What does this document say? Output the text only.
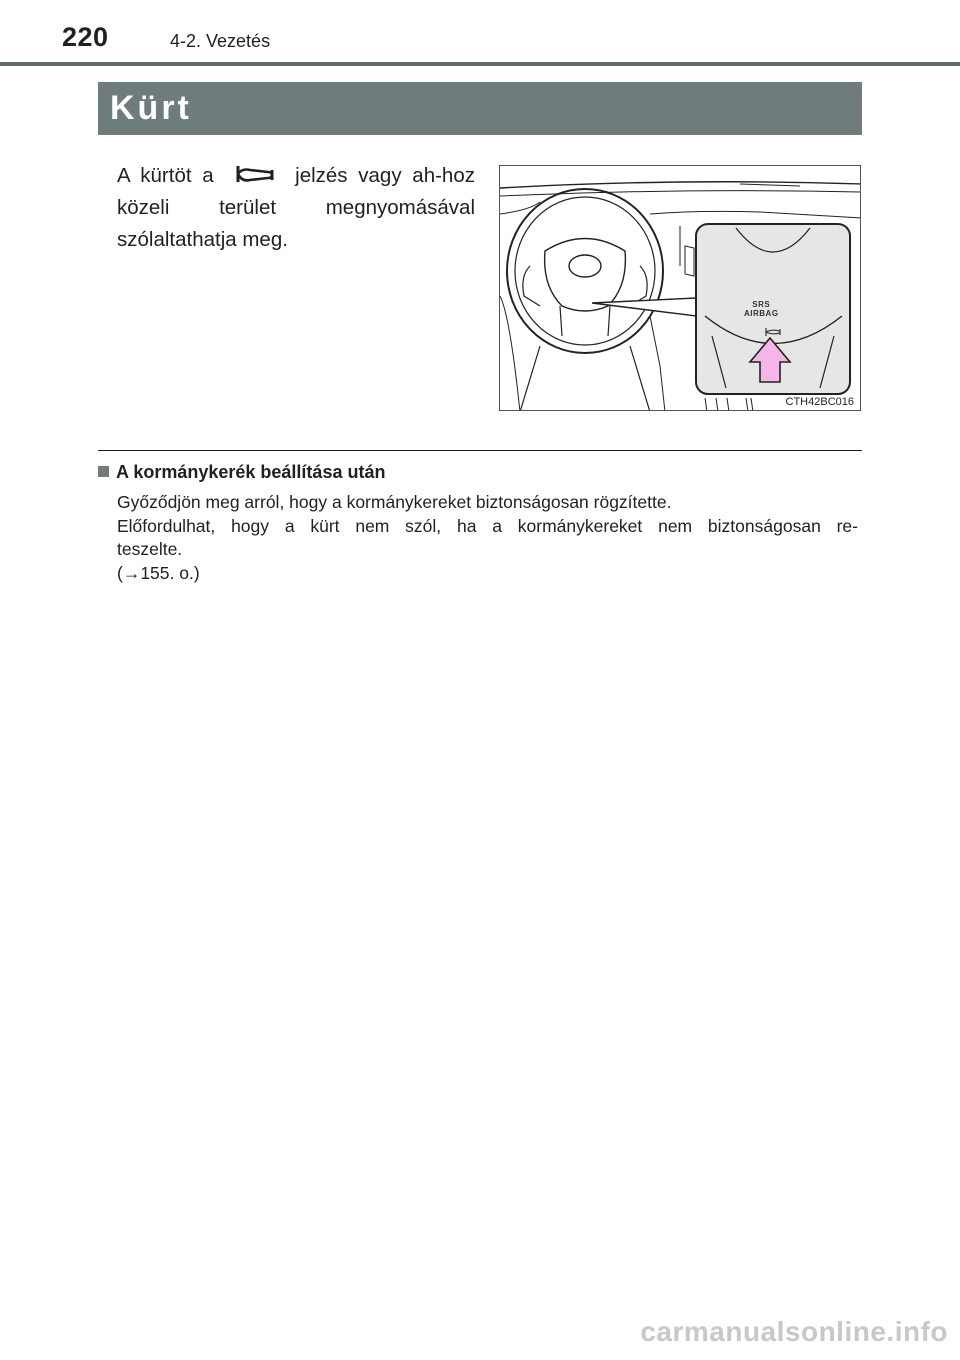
220	4-2. Vezetés
Kürt

A kürtöt a	jelzés vagy ah-hoz közeli terület megnyomásával szólaltathatja meg.

SRS
AIRBAG
CTH42BC016
A kormánykerék beállítása után

Győződjön meg arról, hogy a kormánykereket biztonságosan rögzítette.

Előfordulhat, hogy a kürt nem szól, ha a kormánykereket nem biztonságosan re-

teszelte.

(→155. o.)

carmanualsonline.info
